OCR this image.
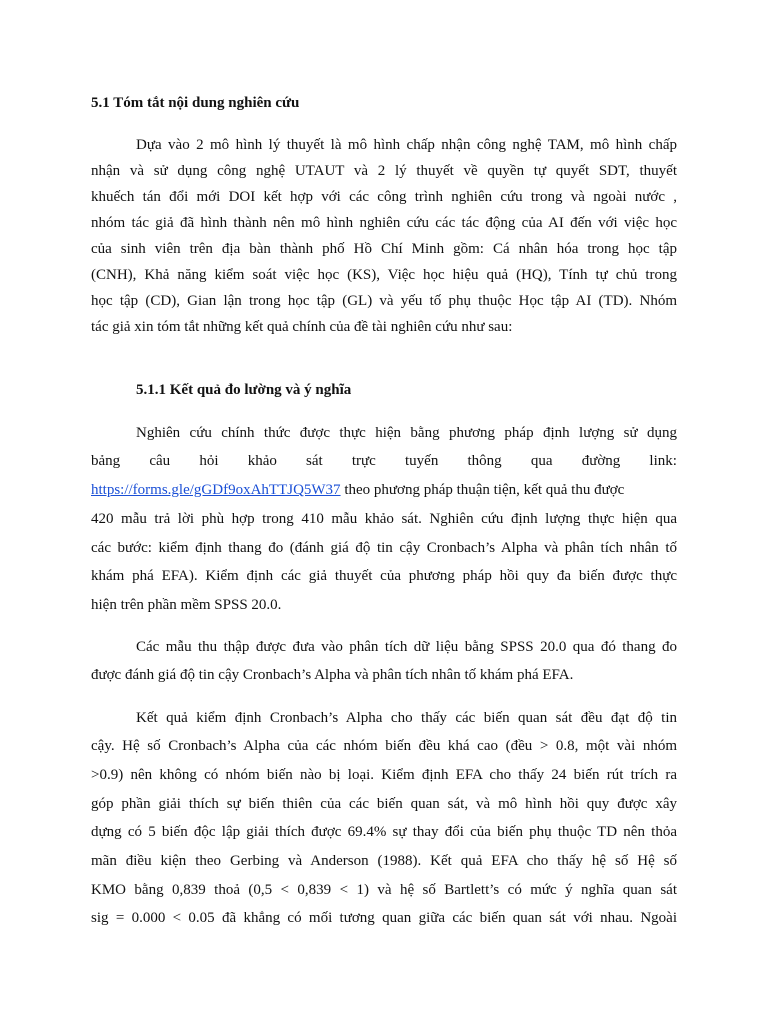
5.1 Tóm tắt nội dung nghiên cứu
Dựa vào 2 mô hình lý thuyết là mô hình chấp nhận công nghệ TAM, mô hình chấp
nhận và sử dụng công nghệ UTAUT và 2 lý thuyết về quyền tự quyết SDT, thuyết
khuếch tán đổi mới DOI kết hợp với các công trình nghiên cứu trong và ngoài nước ,
nhóm tác giả đã hình thành nên mô hình nghiên cứu các tác động của AI đến với việc học
của sinh viên trên địa bàn thành phố Hồ Chí Minh gồm: Cá nhân hóa trong học tập
(CNH), Khả năng kiểm soát việc học (KS), Việc học hiệu quả (HQ), Tính tự chủ trong
học tập (CD), Gian lận trong học tập (GL) và yếu tố phụ thuộc Học tập AI (TD). Nhóm
tác giả xin tóm tắt những kết quả chính của đề tài nghiên cứu như sau:
5.1.1 Kết quả đo lường và ý nghĩa
Nghiên cứu chính thức được thực hiện bằng phương pháp định lượng sử dụng
bảng câu hỏi khảo sát trực tuyến thông qua đường link:
https://forms.gle/gGDf9oxAhTTJQ5W37 theo phương pháp thuận tiện, kết quả thu được
420 mẫu trả lời phù hợp trong 410 mẫu khảo sát. Nghiên cứu định lượng thực hiện qua
các bước: kiểm định thang đo (đánh giá độ tin cậy Cronbach’s Alpha và phân tích nhân tố
khám phá EFA). Kiểm định các giả thuyết của phương pháp hồi quy đa biến được thực
hiện trên phần mềm SPSS 20.0.
Các mẫu thu thập được đưa vào phân tích dữ liệu bằng SPSS 20.0 qua đó thang đo
được đánh giá độ tin cậy Cronbach’s Alpha và phân tích nhân tố khám phá EFA.
Kết quả kiểm định Cronbach’s Alpha cho thấy các biến quan sát đều đạt độ tin
cậy. Hệ số Cronbach’s Alpha của các nhóm biến đều khá cao (đều > 0.8, một vài nhóm
>0.9) nên không có nhóm biến nào bị loại. Kiểm định EFA cho thấy 24 biến rút trích ra
góp phần giải thích sự biến thiên của các biến quan sát, và mô hình hồi quy được xây
dựng có 5 biến độc lập giải thích được 69.4% sự thay đổi của biến phụ thuộc TD nên thỏa
mãn điều kiện theo Gerbing và Anderson (1988). Kết quả EFA cho thấy hệ số Hệ số
KMO bằng 0,839 thoả (0,5 < 0,839 < 1) và hệ số Bartlett’s có mức ý nghĩa quan sát
sig = 0.000 < 0.05 đã khẳng có mối tương quan giữa các biến quan sát với nhau. Ngoài
